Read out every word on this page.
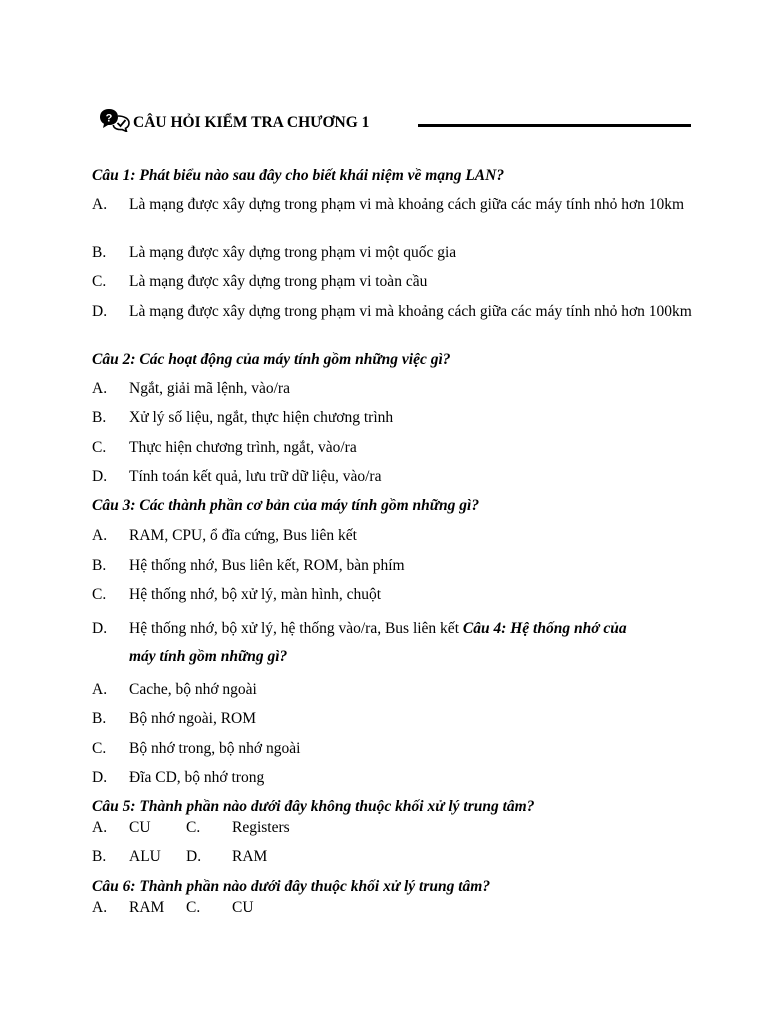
? CÂU HỎI KIỂM TRA CHƯƠNG 1
Câu 1: Phát biểu nào sau đây cho biết khái niệm về mạng LAN?
A. Là mạng được xây dựng trong phạm vi mà khoảng cách giữa các máy tính nhỏ hơn 10km
B. Là mạng được xây dựng trong phạm vi một quốc gia
C. Là mạng được xây dựng trong phạm vi toàn cầu
D. Là mạng được xây dựng trong phạm vi mà khoảng cách giữa các máy tính nhỏ hơn 100km
Câu 2: Các hoạt động của máy tính gồm những việc gì?
A. Ngắt, giải mã lệnh, vào/ra
B. Xử lý số liệu, ngắt, thực hiện chương trình
C. Thực hiện chương trình, ngắt, vào/ra
D. Tính toán kết quả, lưu trữ dữ liệu, vào/ra
Câu 3: Các thành phần cơ bản của máy tính gồm những gì?
A. RAM, CPU, ổ đĩa cứng, Bus liên kết
B. Hệ thống nhớ, Bus liên kết, ROM, bàn phím
C. Hệ thống nhớ, bộ xử lý, màn hình, chuột
D. Hệ thống nhớ, bộ xử lý, hệ thống vào/ra, Bus liên kết Câu 4: Hệ thống nhớ của
máy tính gồm những gì?
A. Cache, bộ nhớ ngoài
B. Bộ nhớ ngoài, ROM
C. Bộ nhớ trong, bộ nhớ ngoài
D. Đĩa CD, bộ nhớ trong
Câu 5: Thành phần nào dưới đây không thuộc khối xử lý trung tâm?
A. CU C. Registers
B. ALU D. RAM
Câu 6: Thành phần nào dưới đây thuộc khối xử lý trung tâm?
A. RAM C. CU
